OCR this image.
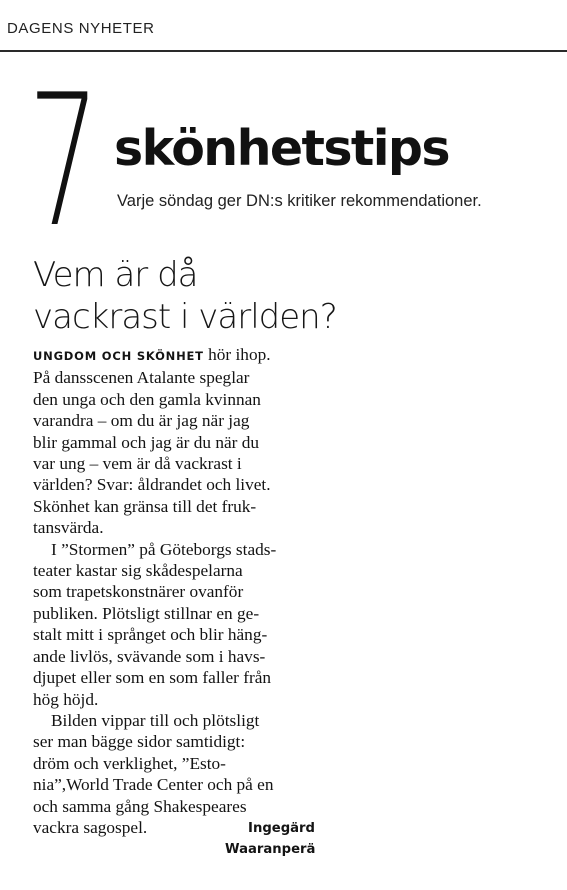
DAGENS NYHETER
7 skönhetstips
Varje söndag ger DN:s kritiker rekommendationer.
Vem är då
vackrast i världen?
UNGDOM OCH SKÖNHET hör ihop.
På dansscenen Atalante speglar
den unga och den gamla kvinnan
varandra – om du är jag när jag
blir gammal och jag är du när du
var ung – vem är då vackrast i
världen? Svar: åldrandet och livet.
Skönhet kan gränsa till det fruk-
tansvärda.
I ”Stormen” på Göteborgs stads-
teater kastar sig skådespelarna
som trapetskonstnärer ovanför
publiken. Plötsligt stillnar en ge-
stalt mitt i språnget och blir häng-
ande livlös, svävande som i havs-
djupet eller som en som faller från
hög höjd.
Bilden vippar till och plötsligt
ser man bägge sidor samtidigt:
dröm och verklighet, ”Esto-
nia”,World Trade Center och på en
och samma gång Shakespeares
vackra sagospel.	Ingegärd
Waaranperä
